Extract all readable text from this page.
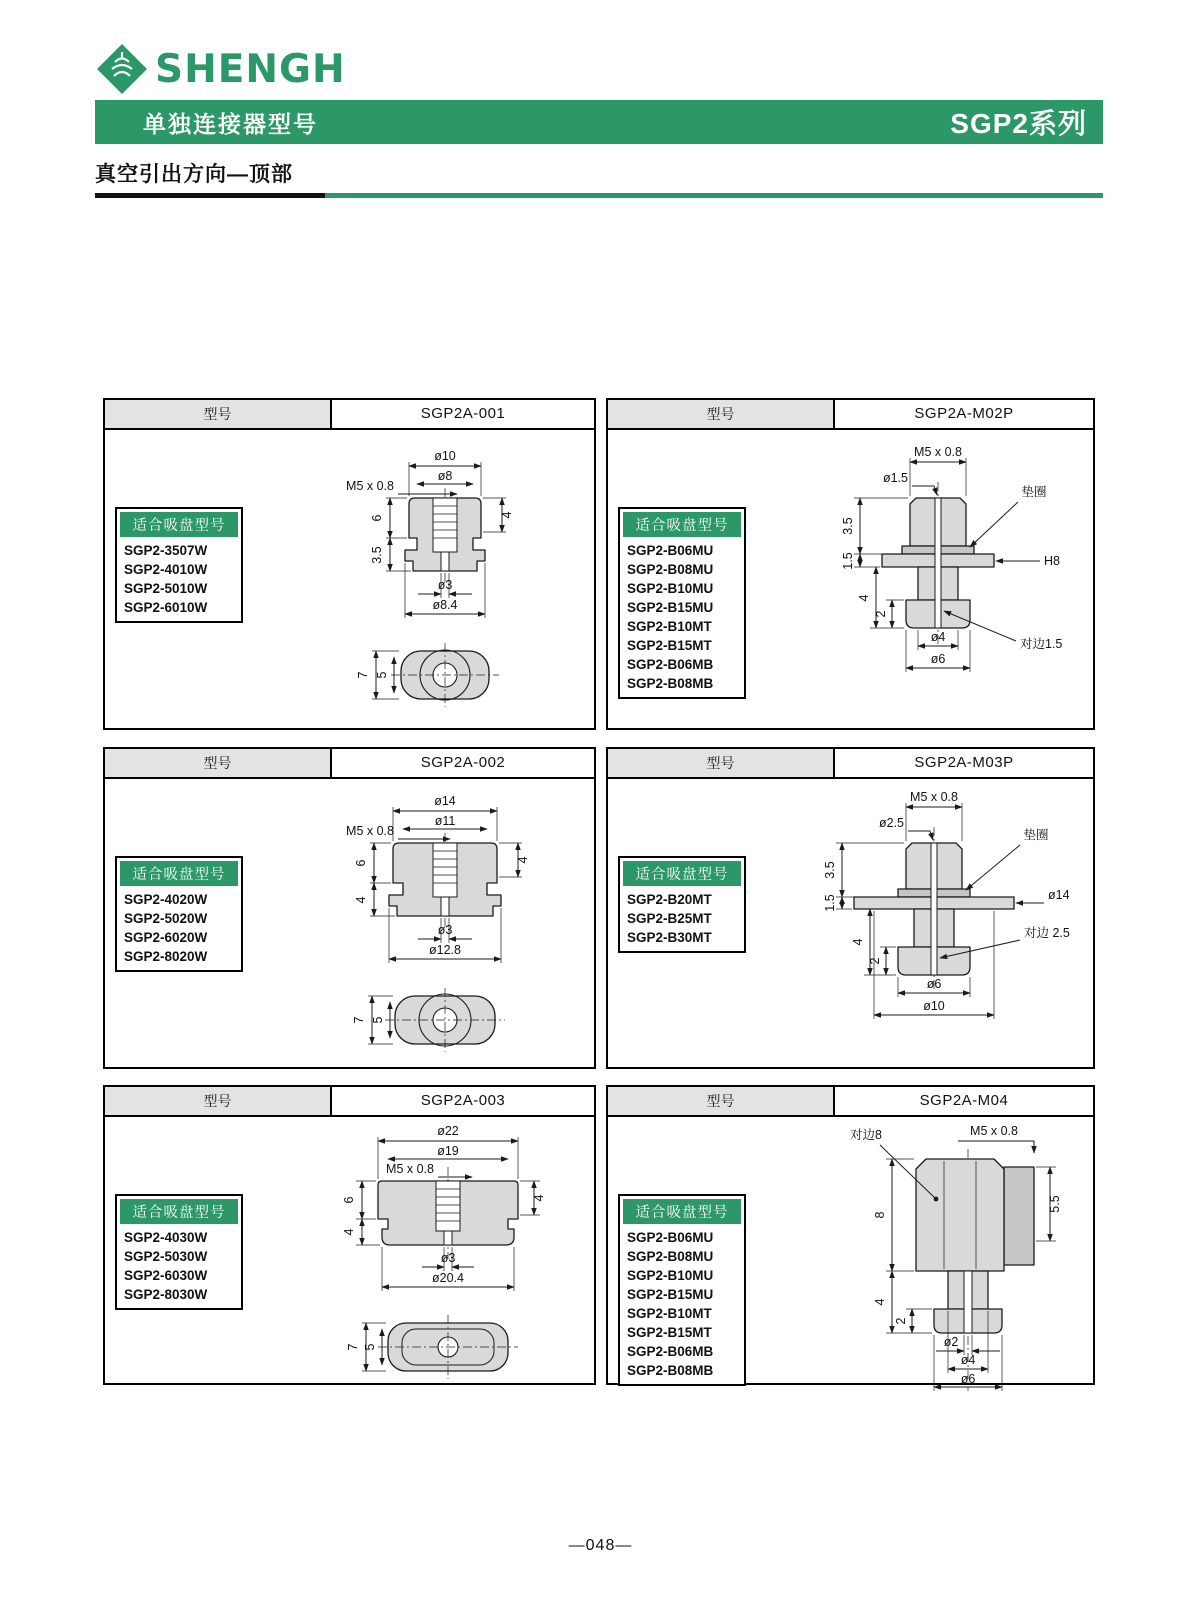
SHENGH
单独连接器型号	SGP2系列
真空引出方向—顶部
型号	SGP2A-001
适合吸盘型号
SGP2-3507W
SGP2-4010W
SGP2-5010W
SGP2-6010W
ø10
ø8
M5 x 0.8
6
3.5
4
ø3
ø8.4
7 5
型号	SGP2A-M02P
适合吸盘型号
SGP2-B06MU
SGP2-B08MU
SGP2-B10MU
SGP2-B15MU
SGP2-B10MT
SGP2-B15MT
SGP2-B06MB
SGP2-B08MB
M5 x 0.8
ø1.5
垫圈
H8
对边1.5
3.5
1.5
4
2
ø4
ø6
型号	SGP2A-002
适合吸盘型号
SGP2-4020W
SGP2-5020W
SGP2-6020W
SGP2-8020W
ø14
ø11
M5 x 0.8
6
4
4
ø3
ø12.8
7 5
型号	SGP2A-M03P
适合吸盘型号
SGP2-B20MT
SGP2-B25MT
SGP2-B30MT
M5 x 0.8
ø2.5
垫圈
ø14
对边 2.5
3.5
1.5
4
2
ø6
ø10
型号	SGP2A-003
适合吸盘型号
SGP2-4030W
SGP2-5030W
SGP2-6030W
SGP2-8030W
ø22
ø19
M5 x 0.8
6
4
4
ø3
ø20.4
7 5
型号	SGP2A-M04
适合吸盘型号
SGP2-B06MU
SGP2-B08MU
SGP2-B10MU
SGP2-B15MU
SGP2-B10MT
SGP2-B15MT
SGP2-B06MB
SGP2-B08MB
对边8	M5 x 0.8
8
4
2
5.5
ø2
ø4
ø6
—048—
